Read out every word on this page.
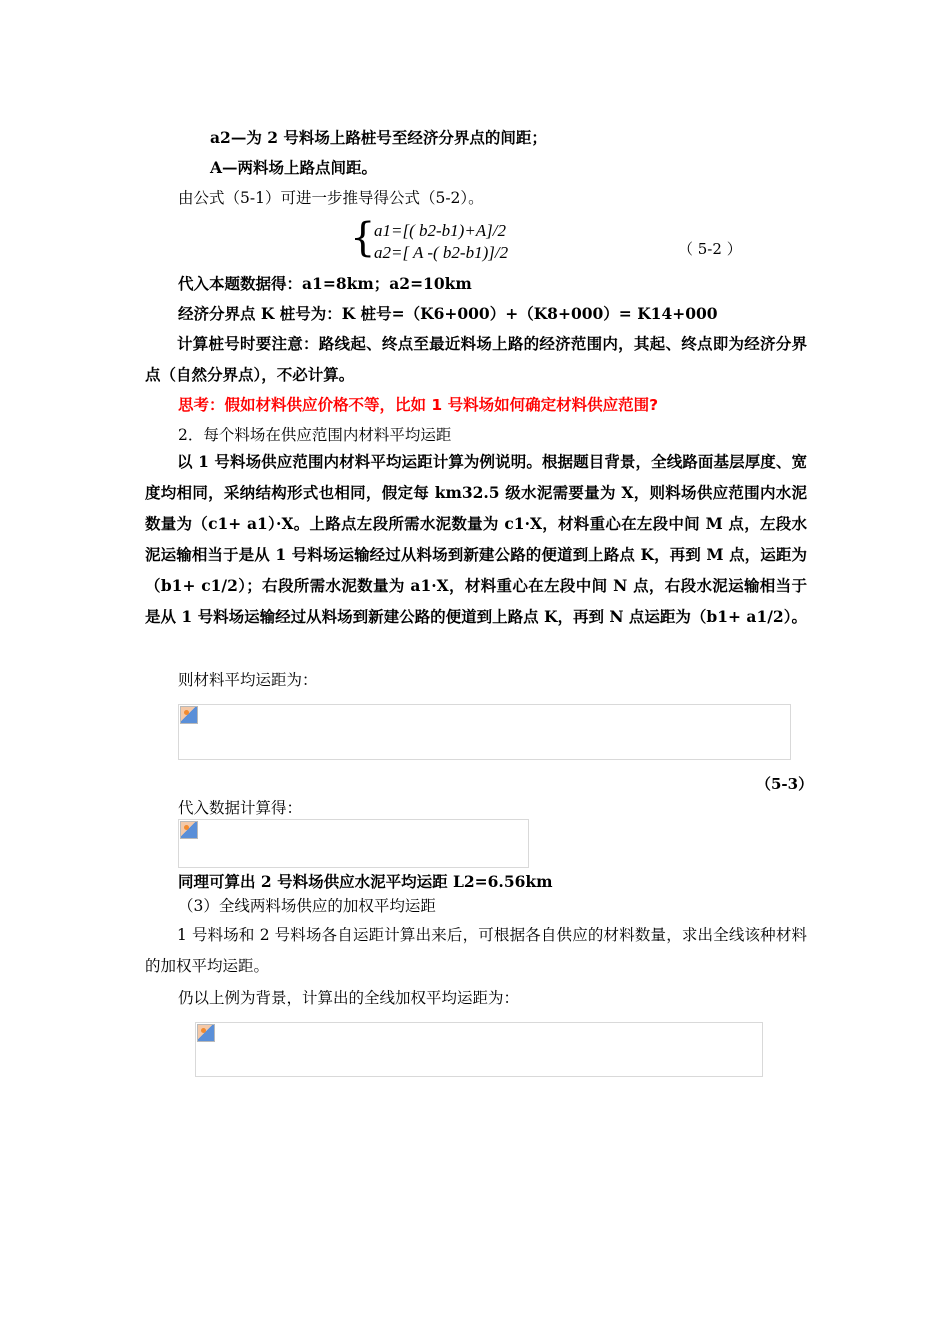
a2—为 2 号料场上路桩号至经济分界点的间距；
A—两料场上路点间距。
由公式（5-1）可进一步推导得公式（5-2）。
{
a1=[( b2-b1)+A]/2
a2=[ A -( b2-b1)]/2	（ 5-2 ）
代入本题数据得：a1=8km；a2=10km
经济分界点 K 桩号为：K 桩号=（K6+000）+（K8+000）= K14+000
计算桩号时要注意：路线起、终点至最近料场上路的经济范围内，其起、终点即为经济分界点（自然分界点），不必计算。
思考：假如材料供应价格不等，比如 1 号料场如何确定材料供应范围?
2．每个料场在供应范围内材料平均运距
以 1 号料场供应范围内材料平均运距计算为例说明。根据题目背景，全线路面基层厚度、宽度均相同，采纳结构形式也相同，假定每 km32.5 级水泥需要量为 X，则料场供应范围内水泥数量为（c1+ a1）·X。上路点左段所需水泥数量为 c1·X，材料重心在左段中间 M 点，左段水泥运输相当于是从 1 号料场运输经过从料场到新建公路的便道到上路点 K，再到 M 点，运距为（b1+ c1/2）；右段所需水泥数量为 a1·X，材料重心在左段中间 N 点，右段水泥运输相当于是从 1 号料场运输经过从料场到新建公路的便道到上路点 K，再到 N 点运距为（b1+ a1/2）。
则材料平均运距为：
（5-3）
代入数据计算得：
同理可算出 2 号料场供应水泥平均运距 L2=6.56km
（3）全线两料场供应的加权平均运距
1 号料场和 2 号料场各自运距计算出来后，可根据各自供应的材料数量，求出全线该种材料的加权平均运距。
仍以上例为背景，计算出的全线加权平均运距为：
